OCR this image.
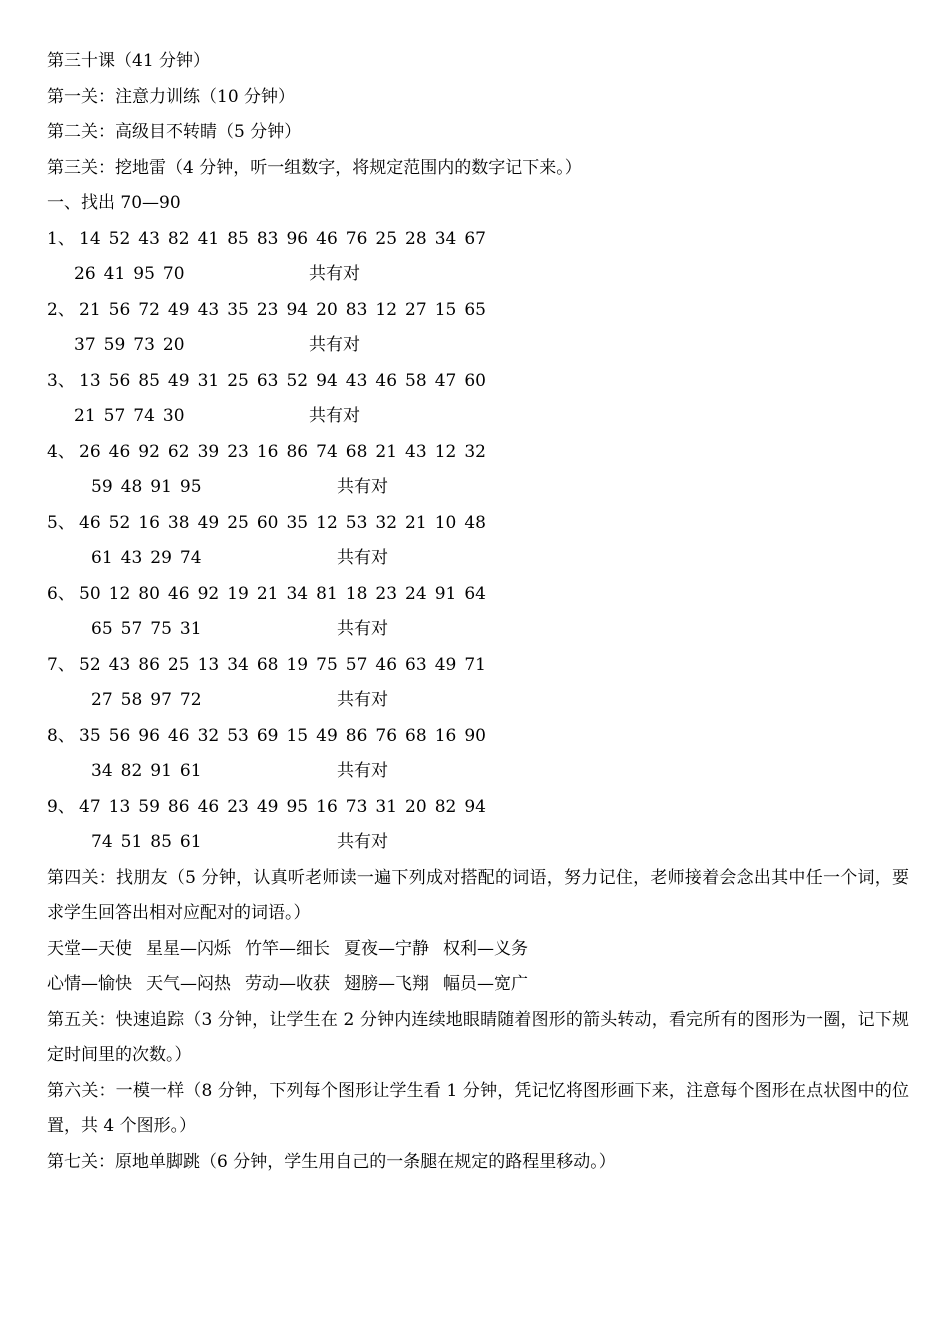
第三十课（41 分钟）
第一关：注意力训练（10 分钟）
第二关：高级目不转睛（5 分钟）
第三关：挖地雷（4 分钟，听一组数字，将规定范围内的数字记下来。）
一、找出 70—90
1、 14 52 43 82 41 85 83 96 46 76 25 28 34 67
26 41 95 70	共有对
2、 21 56 72 49 43 35 23 94 20 83 12 27 15 65
37 59 73 20	共有对
3、 13 56 85 49 31 25 63 52 94 43 46 58 47 60
21 57 74 30	共有对
4、 26 46 92 62 39 23 16 86 74 68 21 43 12 32
59 48 91 95	共有对
5、 46 52 16 38 49 25 60 35 12 53 32 21 10 48
61 43 29 74	共有对
6、 50 12 80 46 92 19 21 34 81 18 23 24 91 64
65 57 75 31	共有对
7、 52 43 86 25 13 34 68 19 75 57 46 63 49 71
27 58 97 72	共有对
8、 35 56 96 46 32 53 69 15 49 86 76 68 16 90
34 82 91 61	共有对
9、 47 13 59 86 46 23 49 95 16 73 31 20 82 94
74 51 85 61	共有对
第四关：找朋友（5 分钟，认真听老师读一遍下列成对搭配的词语，努力记住，老师接着会念出其中任一个词，要求学生回答出相对应配对的词语。）
天堂—天使 星星—闪烁 竹竿—细长 夏夜—宁静 权利—义务
心情—愉快 天气—闷热 劳动—收获 翅膀—飞翔 幅员—宽广
第五关：快速追踪（3 分钟，让学生在 2 分钟内连续地眼睛随着图形的箭头转动，看完所有的图形为一圈，记下规定时间里的次数。）
第六关：一模一样（8 分钟，下列每个图形让学生看 1 分钟，凭记忆将图形画下来，注意每个图形在点状图中的位置，共 4 个图形。）
第七关：原地单脚跳（6 分钟，学生用自己的一条腿在规定的路程里移动。）
